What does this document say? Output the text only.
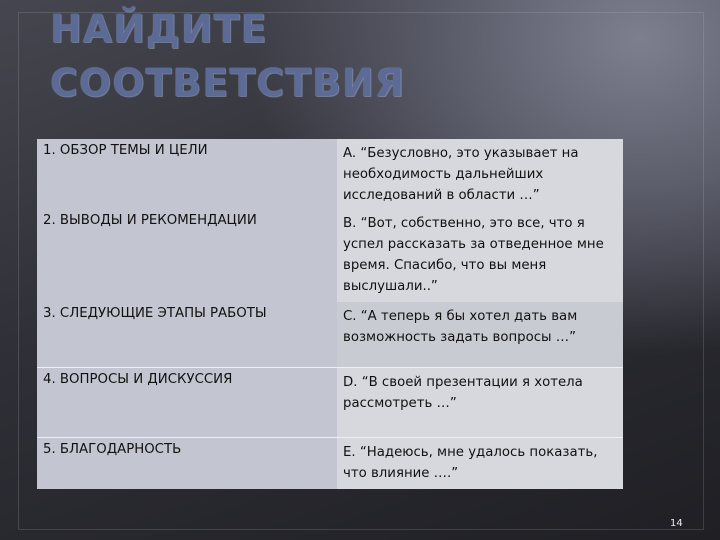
НАЙДИТЕ
СООТВЕТСТВИЯ
1. ОБЗОР ТЕМЫ И ЦЕЛИ	A. “Безусловно, это указывает на необходимость дальнейших исследований в области …”
2. ВЫВОДЫ И РЕКОМЕНДАЦИИ	B. “Вот, собственно, это все, что я успел рассказать за отведенное мне время. Спасибо, что вы меня выслушали..”
3. СЛЕДУЮЩИЕ ЭТАПЫ РАБОТЫ	C. “А теперь я бы хотел дать вам возможность задать вопросы …”
4. ВОПРОСЫ И ДИСКУССИЯ	D. “В своей презентации я хотела рассмотреть …”
5. БЛАГОДАРНОСТЬ	E. “Надеюсь, мне удалось показать, что влияние ….”
14
